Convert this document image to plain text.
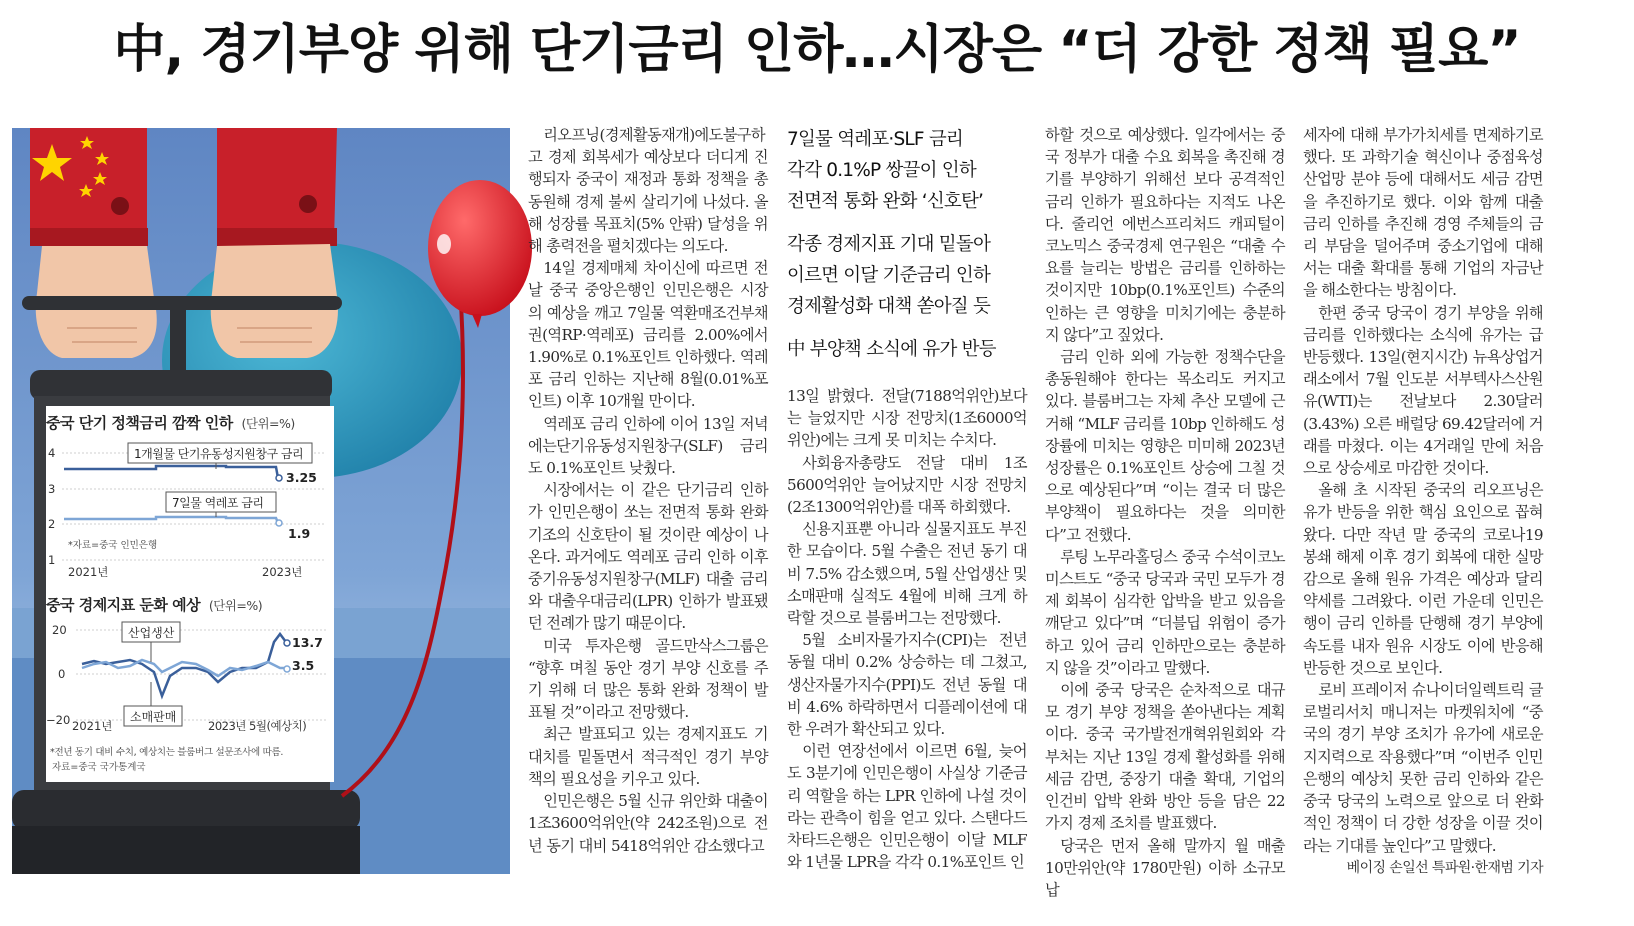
中, 경기부양 위해 단기금리 인하…시장은 “더 강한 정책 필요”
중국 단기 정책금리 깜짝 인하 (단위=%)
4
3
2
1
1개월물 단기유동성지원창구 금리
7일물 역레포 금리
3.25
1.9
*자료=중국 인민은행
2021년	2023년
중국 경제지표 둔화 예상 (단위=%)
20
0
−20
산업생산
소매판매
13.7
3.5
2021년	2023년 5월(예상치)
*전년 동기 대비 수치, 예상치는 블룸버그 설문조사에 따름.
자료=중국 국가통계국

리오프닝(경제활동재개)에도불구하고 경제 회복세가 예상보다 더디게 진행되자 중국이 재정과 통화 정책을 총동원해 경제 불씨 살리기에 나섰다. 올해 성장률 목표치(5% 안팎) 달성을 위해 총력전을 펼치겠다는 의도다.

14일 경제매체 차이신에 따르면 전날 중국 중앙은행인 인민은행은 시장의 예상을 깨고 7일물 역환매조건부채권(역RP·역레포) 금리를 2.00%에서 1.90%로 0.1%포인트 인하했다. 역레포 금리 인하는 지난해 8월(0.01%포인트) 이후 10개월 만이다.

역레포 금리 인하에 이어 13일 저녁에는단기유동성지원창구(SLF) 금리도 0.1%포인트 낮췄다.

시장에서는 이 같은 단기금리 인하가 인민은행이 쏘는 전면적 통화 완화 기조의 신호탄이 될 것이란 예상이 나온다. 과거에도 역레포 금리 인하 이후 중기유동성지원창구(MLF) 대출 금리와 대출우대금리(LPR) 인하가 발표됐던 전례가 많기 때문이다.

미국 투자은행 골드만삭스그룹은 “향후 며칠 동안 경기 부양 신호를 주기 위해 더 많은 통화 완화 정책이 발표될 것”이라고 전망했다.

최근 발표되고 있는 경제지표도 기대치를 밑돌면서 적극적인 경기 부양책의 필요성을 키우고 있다.

인민은행은 5월 신규 위안화 대출이 1조3600억위안(약 242조원)으로 전년 동기 대비 5418억위안 감소했다고

7일물 역레포·SLF 금리

각각 0.1%P 쌍끌이 인하

전면적 통화 완화 ‘신호탄’

각종 경제지표 기대 밑돌아

이르면 이달 기준금리 인하

경제활성화 대책 쏟아질 듯

中 부양책 소식에 유가 반등

13일 밝혔다. 전달(7188억위안)보다는 늘었지만 시장 전망치(1조6000억위안)에는 크게 못 미치는 수치다.

사회융자총량도 전달 대비 1조5600억위안 늘어났지만 시장 전망치(2조1300억위안)를 대폭 하회했다.

신용지표뿐 아니라 실물지표도 부진한 모습이다. 5월 수출은 전년 동기 대비 7.5% 감소했으며, 5월 산업생산 및 소매판매 실적도 4월에 비해 크게 하락할 것으로 블룸버그는 전망했다.

5월 소비자물가지수(CPI)는 전년 동월 대비 0.2% 상승하는 데 그쳤고, 생산자물가지수(PPI)도 전년 동월 대비 4.6% 하락하면서 디플레이션에 대한 우려가 확산되고 있다.

이런 연장선에서 이르면 6월, 늦어도 3분기에 인민은행이 사실상 기준금리 역할을 하는 LPR 인하에 나설 것이라는 관측이 힘을 얻고 있다. 스탠다드차타드은행은 인민은행이 이달 MLF와 1년물 LPR을 각각 0.1%포인트 인

하할 것으로 예상했다. 일각에서는 중국 정부가 대출 수요 회복을 촉진해 경기를 부양하기 위해선 보다 공격적인 금리 인하가 필요하다는 지적도 나온다. 줄리언 에번스프리처드 캐피털이코노믹스 중국경제 연구원은 “대출 수요를 늘리는 방법은 금리를 인하하는 것이지만 10bp(0.1%포인트) 수준의 인하는 큰 영향을 미치기에는 충분하지 않다”고 짚었다.

금리 인하 외에 가능한 정책수단을 총동원해야 한다는 목소리도 커지고 있다. 블룸버그는 자체 추산 모델에 근거해 “MLF 금리를 10bp 인하해도 성장률에 미치는 영향은 미미해 2023년 성장률은 0.1%포인트 상승에 그칠 것으로 예상된다”며 “이는 결국 더 많은 부양책이 필요하다는 것을 의미한다”고 전했다.

루팅 노무라홀딩스 중국 수석이코노미스트도 “중국 당국과 국민 모두가 경제 회복이 심각한 압박을 받고 있음을 깨닫고 있다”며 “더블딥 위험이 증가하고 있어 금리 인하만으로는 충분하지 않을 것”이라고 말했다.

이에 중국 당국은 순차적으로 대규모 경기 부양 정책을 쏟아낸다는 계획이다. 중국 국가발전개혁위원회와 각 부처는 지난 13일 경제 활성화를 위해 세금 감면, 중장기 대출 확대, 기업의 인건비 압박 완화 방안 등을 담은 22가지 경제 조치를 발표했다.

당국은 먼저 올해 말까지 월 매출 10만위안(약 1780만원) 이하 소규모 납

세자에 대해 부가가치세를 면제하기로 했다. 또 과학기술 혁신이나 중점육성 산업망 분야 등에 대해서도 세금 감면을 추진하기로 했다. 이와 함께 대출 금리 인하를 추진해 경영 주체들의 금리 부담을 덜어주며 중소기업에 대해서는 대출 확대를 통해 기업의 자금난을 해소한다는 방침이다.

한편 중국 당국이 경기 부양을 위해 금리를 인하했다는 소식에 유가는 급반등했다. 13일(현지시간) 뉴욕상업거래소에서 7월 인도분 서부텍사스산원유(WTI)는 전날보다 2.30달러(3.43%) 오른 배럴당 69.42달러에 거래를 마쳤다. 이는 4거래일 만에 처음으로 상승세로 마감한 것이다.

올해 초 시작된 중국의 리오프닝은 유가 반등을 위한 핵심 요인으로 꼽혀왔다. 다만 작년 말 중국의 코로나19 봉쇄 해제 이후 경기 회복에 대한 실망감으로 올해 원유 가격은 예상과 달리 약세를 그려왔다. 이런 가운데 인민은행이 금리 인하를 단행해 경기 부양에 속도를 내자 원유 시장도 이에 반응해 반등한 것으로 보인다.

로비 프레이저 슈나이더일렉트릭 글로벌리서치 매니저는 마켓워치에 “중국의 경기 부양 조치가 유가에 새로운 지지력으로 작용했다”며 “이번주 인민은행의 예상치 못한 금리 인하와 같은 중국 당국의 노력으로 앞으로 더 완화적인 정책이 더 강한 성장을 이끌 것이라는 기대를 높인다”고 말했다.

베이징 손일선 특파원·한재범 기자
